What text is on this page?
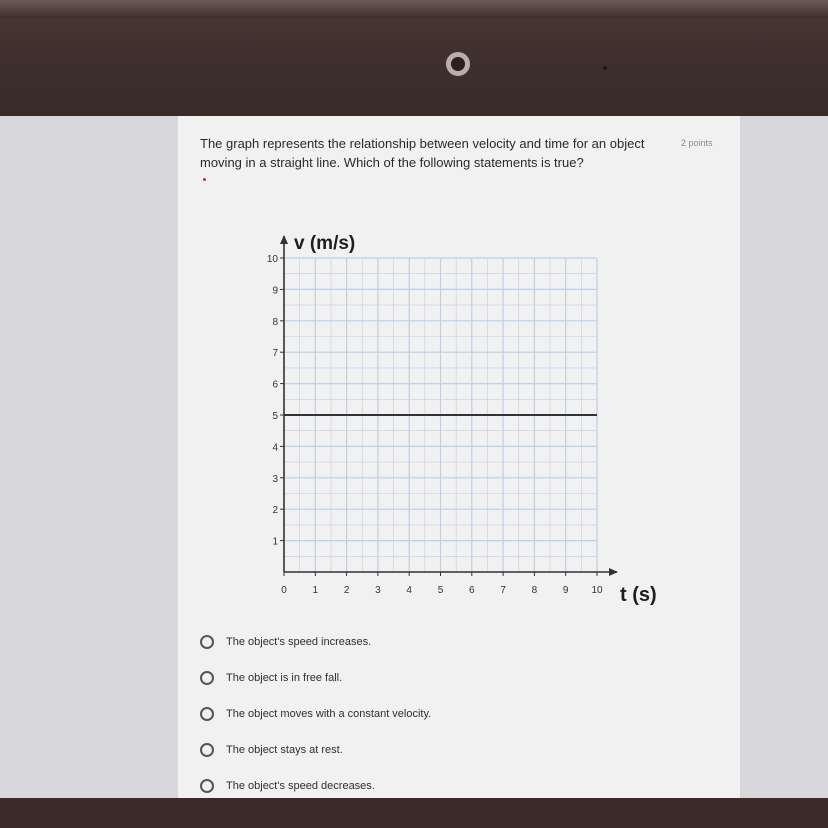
The graph represents the relationship between velocity and time for an object moving in a straight line. Which of the following statements is true?
2 points
0	1	2	3	4	5	6	7	8	9 10
1
2
3
4
5
6
7
8
9
10
v (m/s)
t (s)
The object's speed increases.
The object is in free fall.
The object moves with a constant velocity.
The object stays at rest.
The object's speed decreases.
